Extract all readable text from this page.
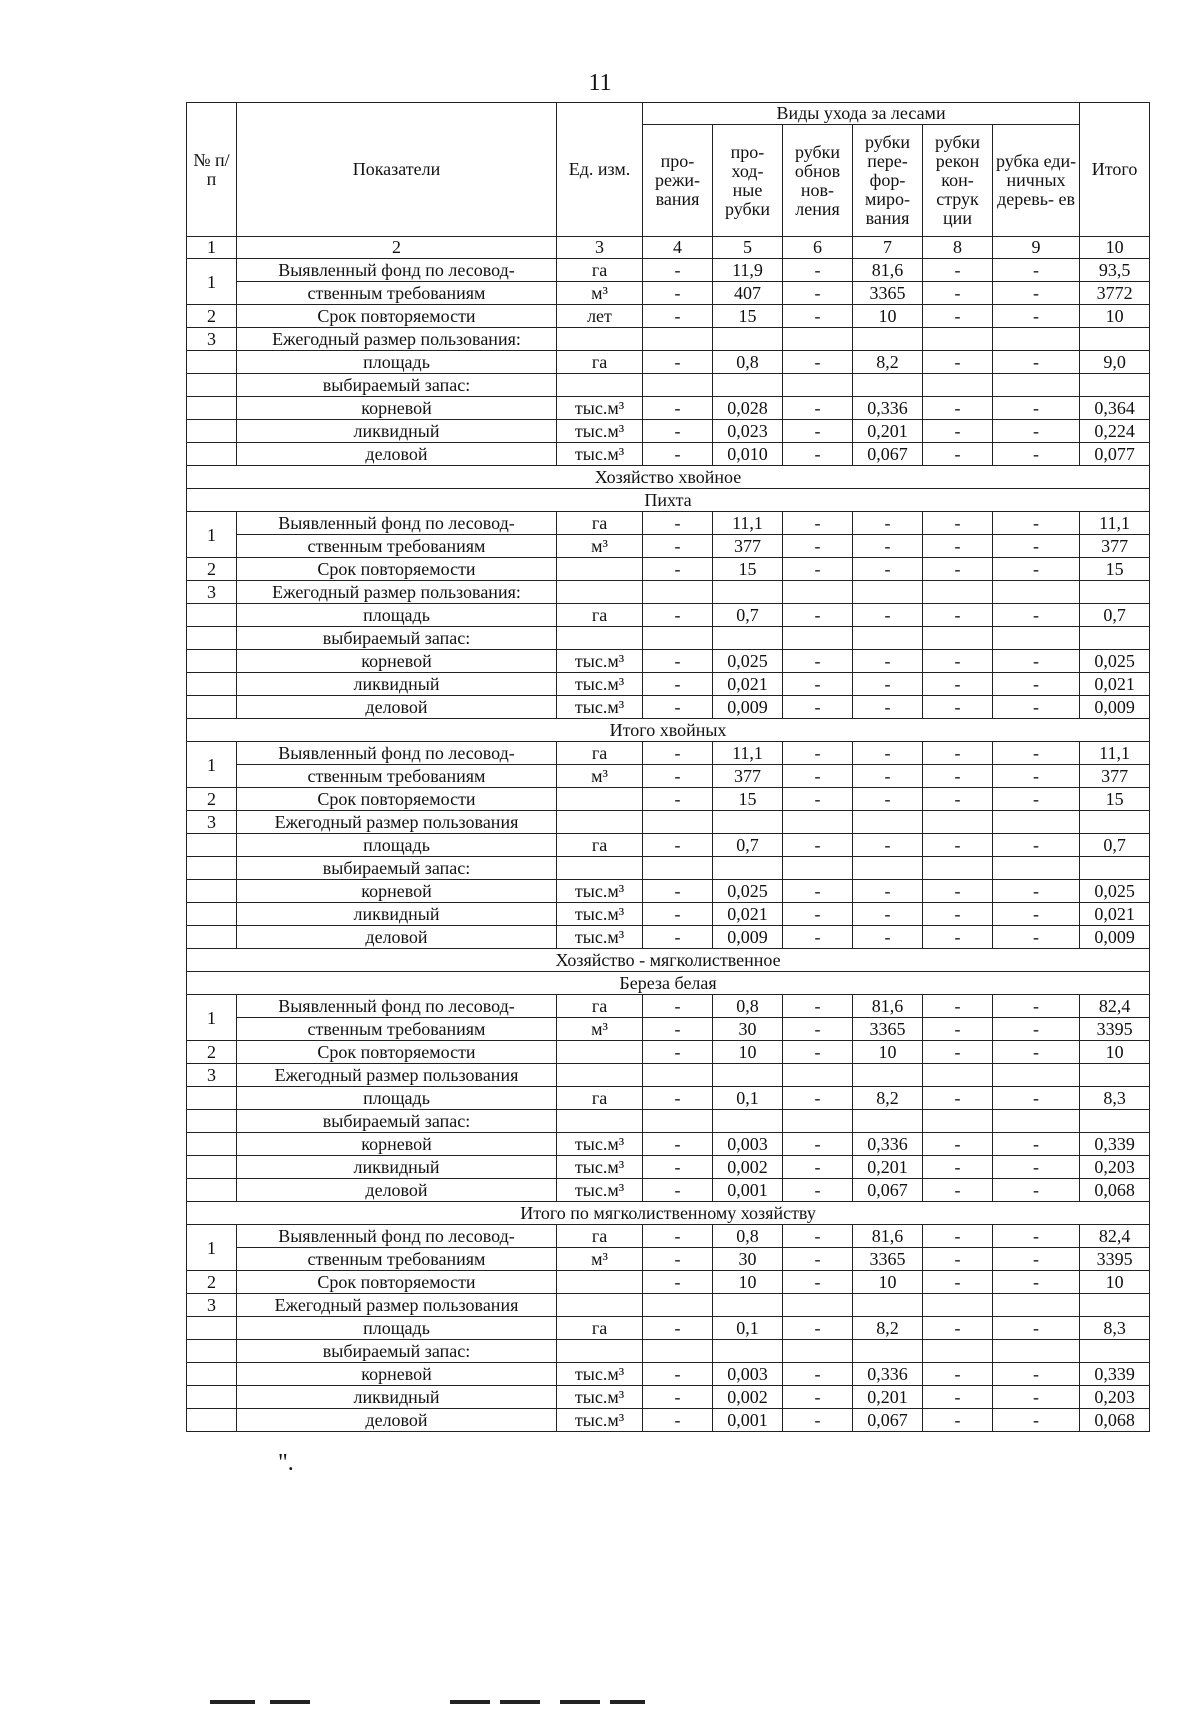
11
№ п/п	Показатели	Ед. изм.	Виды ухода за лесами						Итого
			про- режи- вания	про- ход- ные рубки	рубки обнов нов- ления	рубки пере- фор- миро- вания	рубки рекон кон- струк ции	рубка еди- ничных деревь- ев	
1	2	3	4	5	6	7	8	9	10
1	Выявленный фонд по лесовод-	га	-	11,9	-	81,6	-	-	93,5
	ственным требованиям	м³	-	407	-	3365	-	-	3772
2	Срок повторяемости	лет	-	15	-	10	-	-	10
3	Ежегодный размер пользования:								
	площадь	га	-	0,8	-	8,2	-	-	9,0
	выбираемый запас:								
	корневой	тыс.м³	-	0,028	-	0,336	-	-	0,364
	ликвидный	тыс.м³	-	0,023	-	0,201	-	-	0,224
	деловой	тыс.м³	-	0,010	-	0,067	-	-	0,077
Хозяйство хвойное									
Пихта									
1	Выявленный фонд по лесовод-	га	-	11,1	-	-	-	-	11,1
	ственным требованиям	м³	-	377	-	-	-	-	377
2	Срок повторяемости		-	15	-	-	-	-	15
3	Ежегодный размер пользования:								
	площадь	га	-	0,7	-	-	-	-	0,7
	выбираемый запас:								
	корневой	тыс.м³	-	0,025	-	-	-	-	0,025
	ликвидный	тыс.м³	-	0,021	-	-	-	-	0,021
	деловой	тыс.м³	-	0,009	-	-	-	-	0,009
Итого хвойных									
1	Выявленный фонд по лесовод-	га	-	11,1	-	-	-	-	11,1
	ственным требованиям	м³	-	377	-	-	-	-	377
2	Срок повторяемости		-	15	-	-	-	-	15
3	Ежегодный размер пользования								
	площадь	га	-	0,7	-	-	-	-	0,7
	выбираемый запас:								
	корневой	тыс.м³	-	0,025	-	-	-	-	0,025
	ликвидный	тыс.м³	-	0,021	-	-	-	-	0,021
	деловой	тыс.м³	-	0,009	-	-	-	-	0,009
Хозяйство - мягколиственное									
Береза белая									
1	Выявленный фонд по лесовод-	га	-	0,8	-	81,6	-	-	82,4
	ственным требованиям	м³	-	30	-	3365	-	-	3395
2	Срок повторяемости		-	10	-	10	-	-	10
3	Ежегодный размер пользования								
	площадь	га	-	0,1	-	8,2	-	-	8,3
	выбираемый запас:								
	корневой	тыс.м³	-	0,003	-	0,336	-	-	0,339
	ликвидный	тыс.м³	-	0,002	-	0,201	-	-	0,203
	деловой	тыс.м³	-	0,001	-	0,067	-	-	0,068
Итого по мягколиственному хозяйству									
1	Выявленный фонд по лесовод-	га	-	0,8	-	81,6	-	-	82,4
	ственным требованиям	м³	-	30	-	3365	-	-	3395
2	Срок повторяемости		-	10	-	10	-	-	10
3	Ежегодный размер пользования								
	площадь	га	-	0,1	-	8,2	-	-	8,3
	выбираемый запас:								
	корневой	тыс.м³	-	0,003	-	0,336	-	-	0,339
	ликвидный	тыс.м³	-	0,002	-	0,201	-	-	0,203
	деловой	тыс.м³	-	0,001	-	0,067	-	-	0,068
".
